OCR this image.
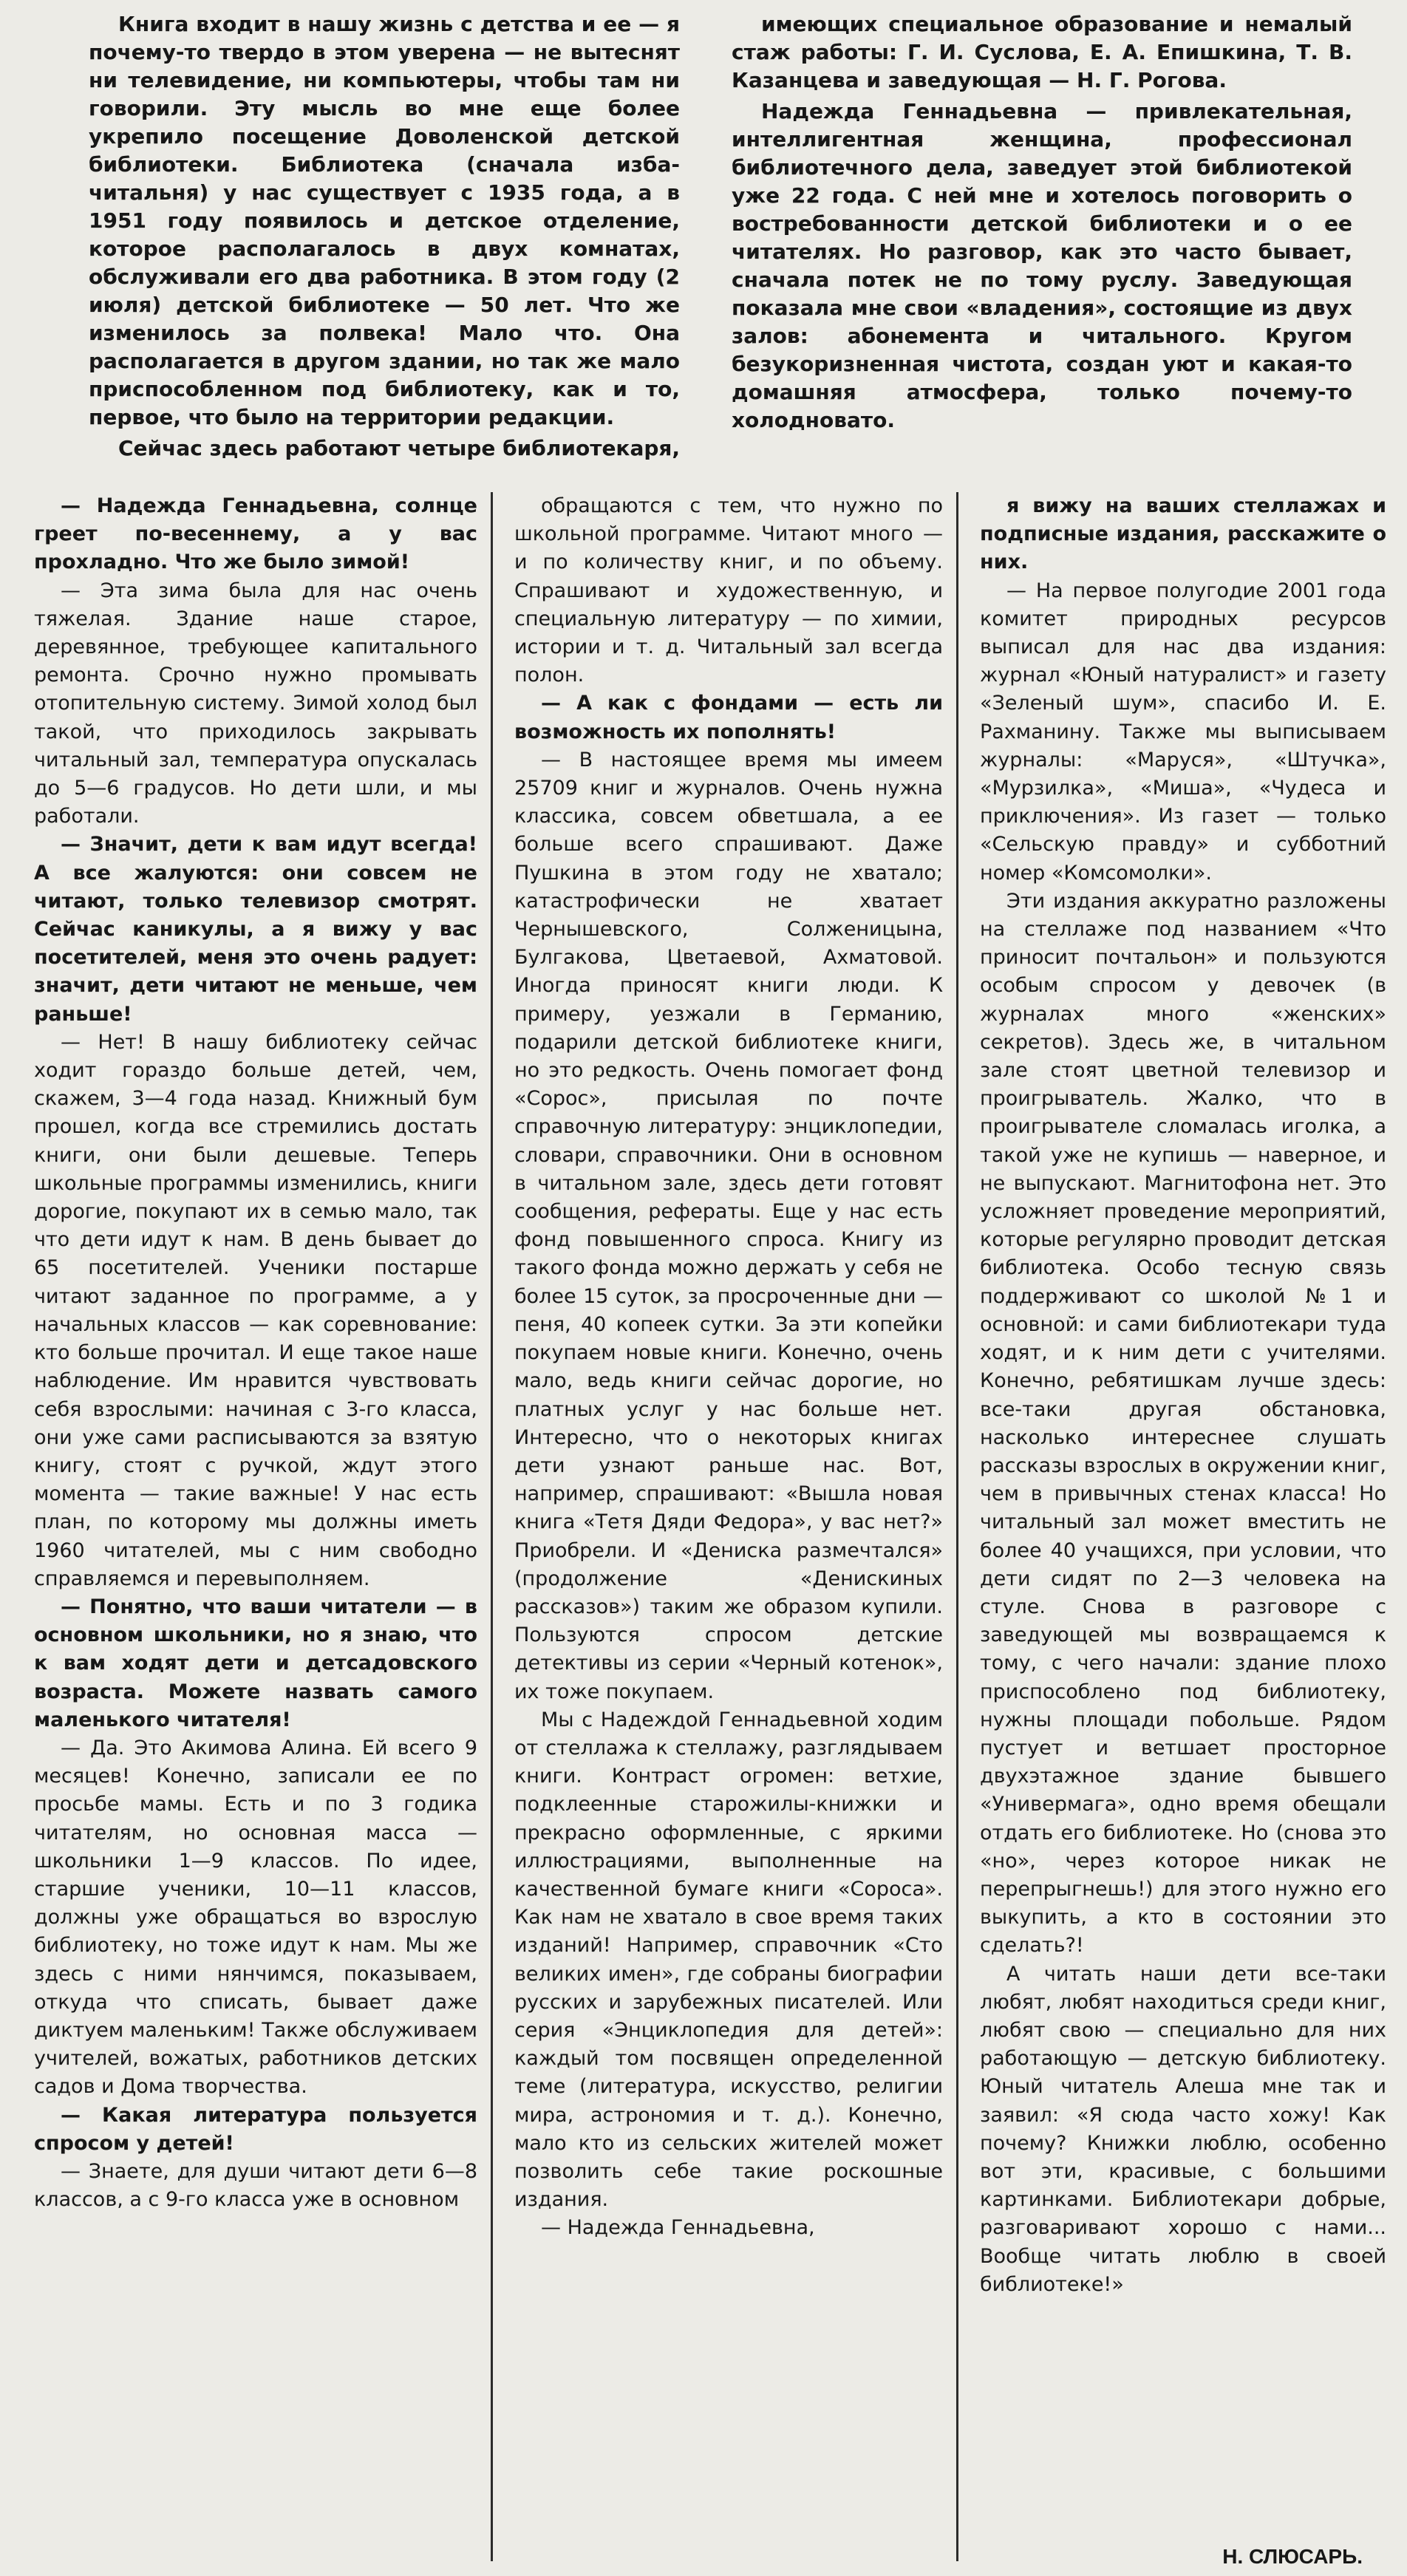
Книга входит в нашу жизнь с детства и ее — я почему-то твердо в этом уверена — не вытеснят ни телевидение, ни компьютеры, чтобы там ни говорили. Эту мысль во мне еще более укрепило посещение Доволенской детской библиотеки. Библиотека (сначала изба-читальня) у нас существует с 1935 года, а в 1951 году появилось и детское отделение, которое располагалось в двух комнатах, обслуживали его два работника. В этом году (2 июля) детской библиотеке — 50 лет. Что же изменилось за полвека! Мало что. Она располагается в другом здании, но так же мало приспособленном под библиотеку, как и то, первое, что было на территории редакции.

Сейчас здесь работают четыре библиотекаря,

имеющих специальное образование и немалый стаж работы: Г. И. Суслова, Е. А. Епишкина, Т. В. Казанцева и заведующая — Н. Г. Рогова.

Надежда Геннадьевна — привлекательная, интеллигентная женщина, профессионал библиотечного дела, заведует этой библиотекой уже 22 года. С ней мне и хотелось поговорить о востребованности детской библиотеки и о ее читателях. Но разговор, как это часто бывает, сначала потек не по тому руслу. Заведующая показала мне свои «владения», состоящие из двух залов: абонемента и читального. Кругом безукоризненная чистота, создан уют и какая-то домашняя атмосфера, только почему-то холодновато.

— Надежда Геннадьевна, солнце греет по-весеннему, а у вас прохладно. Что же было зимой!

— Эта зима была для нас очень тяжелая. Здание наше старое, деревянное, требующее капитального ремонта. Срочно нужно промывать отопительную систему. Зимой холод был такой, что приходилось закрывать читальный зал, температура опускалась до 5—6 градусов. Но дети шли, и мы работали.

— Значит, дети к вам идут всегда! А все жалуются: они совсем не читают, только телевизор смотрят. Сейчас каникулы, а я вижу у вас посетителей, меня это очень радует: значит, дети читают не меньше, чем раньше!

— Нет! В нашу библиотеку сейчас ходит гораздо больше детей, чем, скажем, 3—4 года назад. Книжный бум прошел, когда все стремились достать книги, они были дешевые. Теперь школьные программы изменились, книги дорогие, покупают их в семью мало, так что дети идут к нам. В день бывает до 65 посетителей. Ученики постарше читают заданное по программе, а у начальных классов — как соревнование: кто больше прочитал. И еще такое наше наблюдение. Им нравится чувствовать себя взрослыми: начиная с 3-го класса, они уже сами расписываются за взятую книгу, стоят с ручкой, ждут этого момента — такие важные! У нас есть план, по которому мы должны иметь 1960 читателей, мы с ним свободно справляемся и перевыполняем.

— Понятно, что ваши читатели — в основном школьники, но я знаю, что к вам ходят дети и детсадовского возраста. Можете назвать самого маленького читателя!

— Да. Это Акимова Алина. Ей всего 9 месяцев! Конечно, записали ее по просьбе мамы. Есть и по 3 годика читателям, но основная масса — школьники 1—9 классов. По идее, старшие ученики, 10—11 классов, должны уже обращаться во взрослую библиотеку, но тоже идут к нам. Мы же здесь с ними нянчимся, показываем, откуда что списать, бывает даже диктуем маленьким! Также обслуживаем учителей, вожатых, работников детских садов и Дома творчества.

— Какая литература пользуется спросом у детей!

— Знаете, для души читают дети 6—8 классов, а с 9-го класса уже в основном

обращаются с тем, что нужно по школьной программе. Читают много — и по количеству книг, и по объему. Спрашивают и художественную, и специальную литературу — по химии, истории и т. д. Читальный зал всегда полон.

— А как с фондами — есть ли возможность их пополнять!

— В настоящее время мы имеем 25709 книг и журналов. Очень нужна классика, совсем обветшала, а ее больше всего спрашивают. Даже Пушкина в этом году не хватало; катастрофически не хватает Чернышевского, Солженицына, Булгакова, Цветаевой, Ахматовой. Иногда приносят книги люди. К примеру, уезжали в Германию, подарили детской библиотеке книги, но это редкость. Очень помогает фонд «Сорос», присылая по почте справочную литературу: энциклопедии, словари, справочники. Они в основном в читальном зале, здесь дети готовят сообщения, рефераты. Еще у нас есть фонд повышенного спроса. Книгу из такого фонда можно держать у себя не более 15 суток, за просроченные дни — пеня, 40 копеек сутки. За эти копейки покупаем новые книги. Конечно, очень мало, ведь книги сейчас дорогие, но платных услуг у нас больше нет. Интересно, что о некоторых книгах дети узнают раньше нас. Вот, например, спрашивают: «Вышла новая книга «Тетя Дяди Федора», у вас нет?» Приобрели. И «Дениска размечтался» (продолжение «Денискиных рассказов») таким же образом купили. Пользуются спросом детские детективы из серии «Черный котенок», их тоже покупаем.

Мы с Надеждой Геннадьевной ходим от стеллажа к стеллажу, разглядываем книги. Контраст огромен: ветхие, подклеенные старожилы-книжки и прекрасно оформленные, с яркими иллюстрациями, выполненные на качественной бумаге книги «Сороса». Как нам не хватало в свое время таких изданий! Например, справочник «Сто великих имен», где собраны биографии русских и зарубежных писателей. Или серия «Энциклопедия для детей»: каждый том посвящен определенной теме (литература, искусство, религии мира, астрономия и т. д.). Конечно, мало кто из сельских жителей может позволить себе такие роскошные издания.

— Надежда Геннадьевна,

я вижу на ваших стеллажах и подписные издания, расскажите о них.

— На первое полугодие 2001 года комитет природных ресурсов выписал для нас два издания: журнал «Юный натуралист» и газету «Зеленый шум», спасибо И. Е. Рахманину. Также мы выписываем журналы: «Маруся», «Штучка», «Мурзилка», «Миша», «Чудеса и приключения». Из газет — только «Сельскую правду» и субботний номер «Комсомолки».

Эти издания аккуратно разложены на стеллаже под названием «Что приносит почтальон» и пользуются особым спросом у девочек (в журналах много «женских» секретов). Здесь же, в читальном зале стоят цветной телевизор и проигрыватель. Жалко, что в проигрывателе сломалась иголка, а такой уже не купишь — наверное, и не выпускают. Магнитофона нет. Это усложняет проведение мероприятий, которые регулярно проводит детская библиотека. Особо тесную связь поддерживают со школой №1 и основной: и сами библиотекари туда ходят, и к ним дети с учителями. Конечно, ребятишкам лучше здесь: все-таки другая обстановка, насколько интереснее слушать рассказы взрослых в окружении книг, чем в привычных стенах класса! Но читальный зал может вместить не более 40 учащихся, при условии, что дети сидят по 2—3 человека на стуле. Снова в разговоре с заведующей мы возвращаемся к тому, с чего начали: здание плохо приспособлено под библиотеку, нужны площади побольше. Рядом пустует и ветшает просторное двухэтажное здание бывшего «Универмага», одно время обещали отдать его библиотеке. Но (снова это «но», через которое никак не перепрыгнешь!) для этого нужно его выкупить, а кто в состоянии это сделать?!

А читать наши дети все-таки любят, любят находиться среди книг, любят свою — специально для них работающую — детскую библиотеку. Юный читатель Алеша мне так и заявил: «Я сюда часто хожу! Как почему? Книжки люблю, особенно вот эти, красивые, с большими картинками. Библиотекари добрые, разговаривают хорошо с нами... Вообще читать люблю в своей библиотеке!»

Н. СЛЮСАРЬ.
